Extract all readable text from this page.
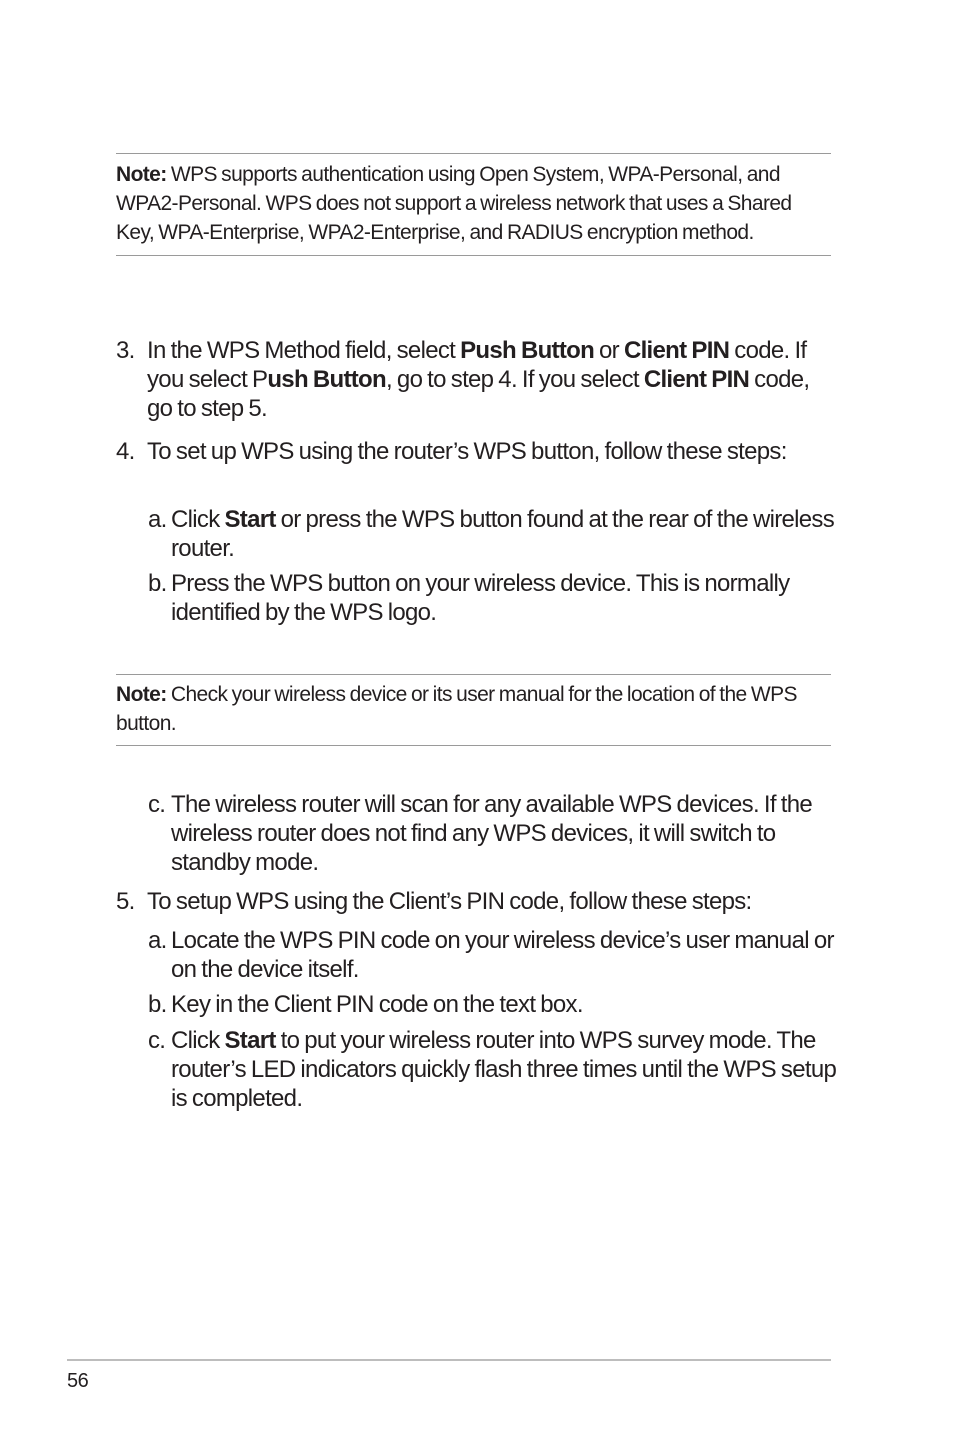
Note: WPS supports authentication using Open System, WPA-Personal, and WPA2-Personal. WPS does not support a wireless network that uses a Shared Key, WPA-Enterprise, WPA2-Enterprise, and RADIUS encryption method.

3. In the WPS Method field, select Push Button or Client PIN code. If you select Push Button, go to step 4. If you select Client PIN code, go to step 5.
4. To set up WPS using the router’s WPS button, follow these steps:
a. Click Start or press the WPS button found at the rear of the wireless router.
b. Press the WPS button on your wireless device. This is normally identified by the WPS logo.

Note: Check your wireless device or its user manual for the location of the WPS button.

c. The wireless router will scan for any available WPS devices. If the wireless router does not find any WPS devices, it will switch to standby mode.
5. To setup WPS using the Client’s PIN code, follow these steps:
a. Locate the WPS PIN code on your wireless device’s user manual or on the device itself.
b. Key in the Client PIN code on the text box.
c. Click Start to put your wireless router into WPS survey mode. The router’s LED indicators quickly flash three times until the WPS setup is completed.
56
